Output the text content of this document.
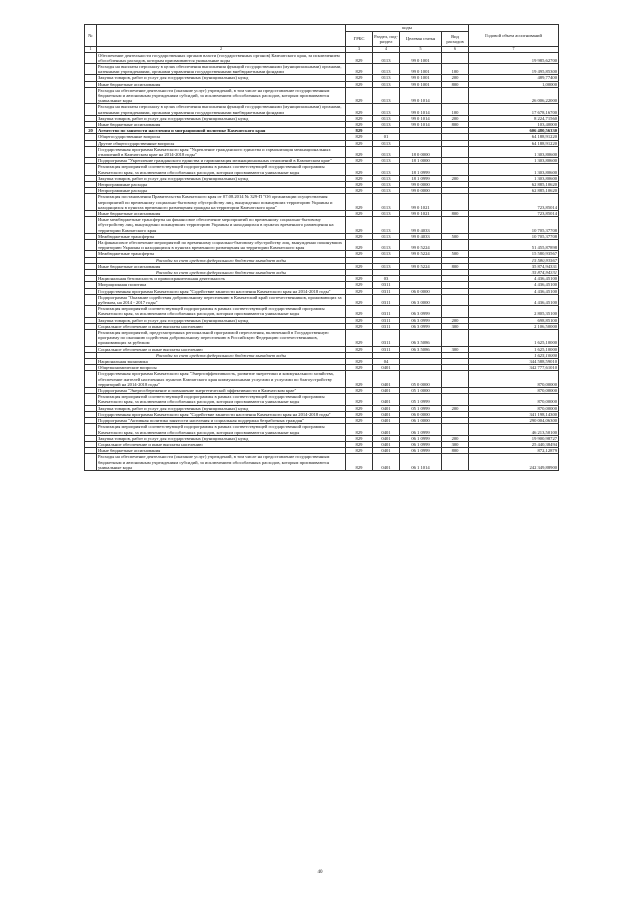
№		коды				Годовой объем ассигнований
		ГРБС	Раздел, под-раздел	Целевая статья	Вид расходов	
1	2	3	4	5	6	7
	Обеспечение деятельности государственных органов власти (государственных органов) Камчатского края, за исключением обособленных расходов, которым присваиваются уникальные коды	829	0113	99 0 1001		19 985,62700
	Расходы на выплаты персоналу в целях обеспечения выполнения функций государственными (муниципальными) органами, казенными учреждениями, органами управления государственными внебюджетными фондами	829	0113	99 0 1001	100	19 495,85300
	Закупка товаров, работ и услуг для государственных (муниципальных) нужд	829	0113	99 0 1001	200	489,77400
	Иные бюджетные ассигнования	829	0113	99 0 1001	800	1,00000
	Расходы на обеспечение деятельности (оказание услуг) учреждений, в том числе на предоставление государственным бюджетным и автономным учреждениям субсидий, за исключением обособленных расходов, которым присваиваются уникальные коды	829	0113	99 0 1014		26 006,22000
	Расходы на выплаты персоналу в целях обеспечения выполнения функций государственными (муниципальными) органами, казенными учреждениями, органами управления государственными внебюджетными фондами	829	0113	99 0 1014	100	17 678,16700
	Закупка товаров, работ и услуг для государственных (муниципальных) нужд	829	0113	99 0 1014	200	8 224,71560
	Иные бюджетные ассигнования	829	0113	99 0 1014	800	103,40000
20	Агентство по занятости населения и миграционной политике Камчатского края	829				606 480,56330
	Общегосударственные вопросы	829	01			64 188,91220
	Другие общегосударственные вопросы	829	0113			64 188,91220
	Государственная программа Камчатского края "Укрепление гражданского единства и гармонизация межнациональных отношений в Камчатском крае на 2014-2018 годы"	829	0113	18 0 0000		1 303,80600
	Подпрограмма "Укрепление гражданского единства и гармонизация межнациональных отношений в Камчатском крае"	829	0113	18 1 0000		1 303,80600
	Реализация мероприятий соответствующей подпрограммы в рамках соответствующей государственной программы Камчатского края, за исключением обособленных расходов, которым присваиваются уникальные коды	829	0113	18 1 0999		1 303,80600
	Закупка товаров, работ и услуг для государственных (муниципальных) нужд	829	0113	18 1 0999	200	1 303,80600
	Непрограммные расходы	829	0113	99 0 0000		62 885,10620
	Непрограммные расходы	829	0113	99 0 0000		62 885,10620
	Реализация постановления Правительства Камчатского края от 07.08.2014 № 329-П "Об организации осуществления мероприятий по временному социально-бытовому обустройству лиц, вынужденно покинувших территорию Украины и находящихся в пунктах временного размещения граждан на территории Камчатского края"	829	0113	99 0 1021		723,85014
	Иные бюджетные ассигнования	829	0113	99 0 1021	800	723,85014
	Иные межбюджетные трансферты на финансовое обеспечение мероприятий по временному социально-бытовому обустройству лиц, вынужденно покинувших территорию Украины и находящихся в пунктах временного размещения на территории Камчатского края	829	0113	99 0 4033		10 705,37708
	Межбюджетные трансферты	829	0113	99 0 4033	500	10 705,37708
	На финансовое обеспечение мероприятий по временному социально-бытовому обустройству лиц, вынужденно покинувших территорию Украины и находящихся в пунктах временного размещения на территории Камчатского края	829	0113	99 0 5224		51 455,87898
	Межбюджетные трансферты	829	0113	99 0 5224	500	15 580,93567
	Расходы за счет средств федерального бюджета выпадает коды					15 580,93567
	Иные бюджетные ассигнования	829	0113	99 0 5224	800	35 874,94331
	Расходы за счет средств федерального бюджета выпадает коды					35 874,94331
	Национальная безопасность и правоохранительная деятельность	829	03			4 436,45100
	Миграционная политика	829	0311			4 436,45100
	Государственная программа Камчатского края "Содействие занятости населения Камчатского края на 2014-2018 годы"	829	0311	06 0 0000		4 436,45100
	Подпрограмма "Оказание содействия добровольному переселению в Камчатский край соотечественников, проживающих за рубежом, на 2014 - 2017 годы"	829	0311	06 3 0000		4 436,45100
	Реализация мероприятий соответствующей подпрограммы в рамках соответствующей государственной программы Камчатского края, за исключением обособленных расходов, которым присваиваются уникальные коды	829	0311	06 3 0999		2 805,35100
	Закупка товаров, работ и услуг для государственных (муниципальных) нужд	829	0311	06 3 0999	200	698,85100
	Социальное обеспечение и иные выплаты населению	829	0311	06 3 0999	300	2 106,50000
	Реализация мероприятий, предусмотренных региональной программой переселения, включенной в Государственную программу по оказанию содействия добровольному переселению в Российскую Федерацию соотечественников, проживающих за рубежом	829	0311	06 3 5086		1 625,10000
	Социальное обеспечение и иные выплаты населению	829	0311	06 3 5086	300	1 625,10000
	Расходы за счет средств федерального бюджета выпадает коды					1 625,10000
	Национальная экономика	829	04			344 588,59010
	Общеэкономические вопросы	829	0401			342 777,61010
	Государственная программа Камчатского края "Энергоэффективность, развитие энергетики и коммунального хозяйства, обеспечение жителей населенных пунктов Камчатского края коммунальными услугами и услугами по благоустройству территорий на 2014-2018 годы"	829	0401	05 0 0000		870,00000
	Подпрограмма "Энергосбережение и повышение энергетической эффективности в Камчатском крае"	829	0401	05 1 0000		870,00000
	Реализация мероприятий соответствующей подпрограммы в рамках соответствующей государственной программы Камчатского края, за исключением обособленных расходов, которым присваиваются уникальные коды	829	0401	05 1 0999		870,00000
	Закупка товаров, работ и услуг для государственных (муниципальных) нужд	829	0401	05 1 0999	200	870,00000
	Государственная программа Камчатского края "Содействие занятости населения Камчатского края на 2014-2018 годы"	829	0401	06 0 0000		341 198,14300
	Подпрограмма "Активная политика занятости населения и социальная поддержка безработных граждан"	829	0401	06 1 0000		290 004,06300
	Реализация мероприятий соответствующей подпрограммы в рамках соответствующей государственной программы Камчатского края, за исключением обособленных расходов, которым присваиваются уникальные коды	829	0401	06 1 0999		46 213,50100
	Закупка товаров, работ и услуг для государственных (муниципальных) нужд	829	0401	06 1 0999	200	19 900,98727
	Социальное обеспечение и иные выплаты населению	829	0401	06 1 0999	300	25 440,38494
	Иные бюджетные ассигнования	829	0401	06 1 0999	800	872,12879
	Расходы на обеспечение деятельности (оказание услуг) учреждений, в том числе на предоставление государственным бюджетным и автономным учреждениям субсидий, за исключением обособленных расходов, которым присваиваются уникальные коды	829	0401	06 1 1014		242 349,88900
40
